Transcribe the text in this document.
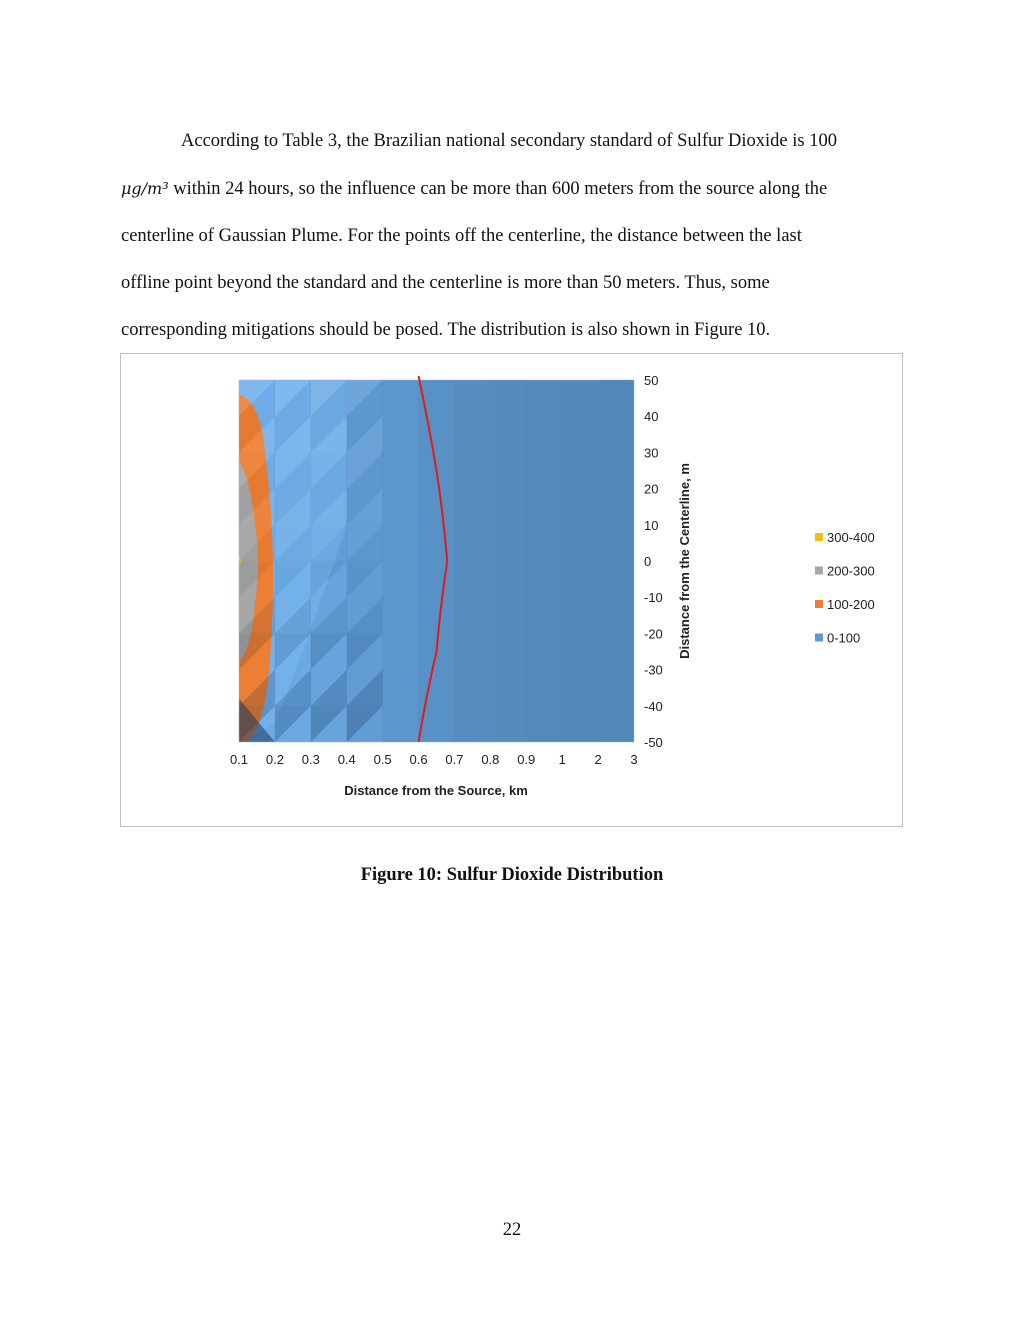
According to Table 3, the Brazilian national secondary standard of Sulfur Dioxide is 100
μg/m³ within 24 hours, so the influence can be more than 600 meters from the source along the
centerline of Gaussian Plume. For the points off the centerline, the distance between the last
offline point beyond the standard and the centerline is more than 50 meters. Thus, some
corresponding mitigations should be posed. The distribution is also shown in Figure 10.
0.1 0.2 0.3 0.4 0.5 0.6 0.7 0.8 0.9 1 2 3
50
40
30
20
10
0
-10
-20
-30
-40
-50
Distance from the Source, km
Distance from the Centerline, m	300-400
200-300
100-200
0-100
Figure 10: Sulfur Dioxide Distribution
22
